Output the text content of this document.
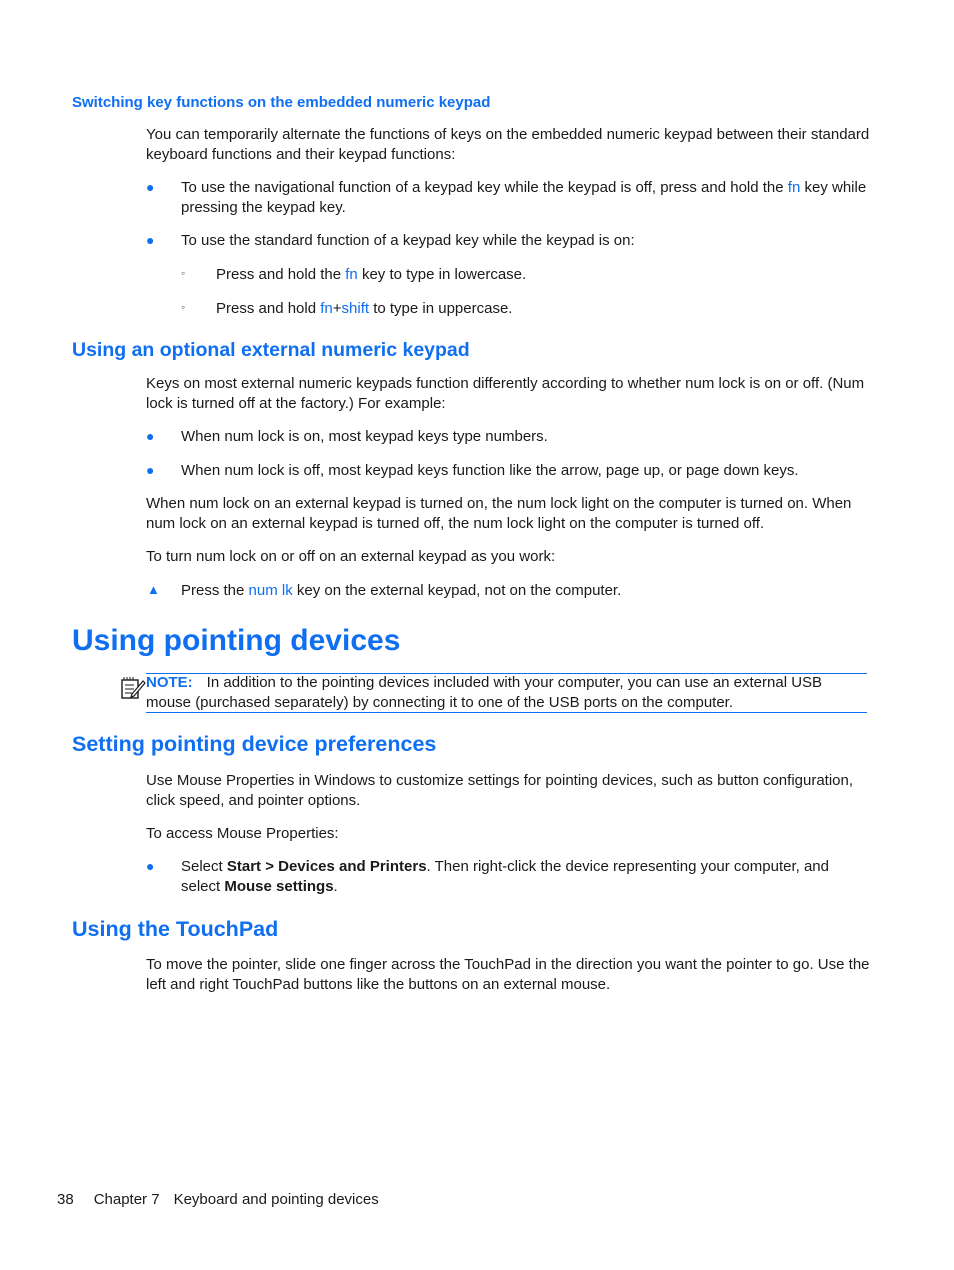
Switching key functions on the embedded numeric keypad

You can temporarily alternate the functions of keys on the embedded numeric keypad between their standard keyboard functions and their keypad functions:

● To use the navigational function of a keypad key while the keypad is off, press and hold the fn key while pressing the keypad key.

● To use the standard function of a keypad key while the keypad is on:

◦ Press and hold the fn key to type in lowercase.

◦ Press and hold fn+shift to type in uppercase.

Using an optional external numeric keypad

Keys on most external numeric keypads function differently according to whether num lock is on or off. (Num lock is turned off at the factory.) For example:

● When num lock is on, most keypad keys type numbers.

● When num lock is off, most keypad keys function like the arrow, page up, or page down keys.

When num lock on an external keypad is turned on, the num lock light on the computer is turned on. When num lock on an external keypad is turned off, the num lock light on the computer is turned off.

To turn num lock on or off on an external keypad as you work:

▲ Press the num lk key on the external keypad, not on the computer.

Using pointing devices

NOTE: In addition to the pointing devices included with your computer, you can use an external USB mouse (purchased separately) by connecting it to one of the USB ports on the computer.

Setting pointing device preferences

Use Mouse Properties in Windows to customize settings for pointing devices, such as button configuration, click speed, and pointer options.

To access Mouse Properties:

● Select Start > Devices and Printers. Then right-click the device representing your computer, and select Mouse settings.

Using the TouchPad

To move the pointer, slide one finger across the TouchPad in the direction you want the pointer to go. Use the left and right TouchPad buttons like the buttons on an external mouse.

38 Chapter 7 Keyboard and pointing devices
